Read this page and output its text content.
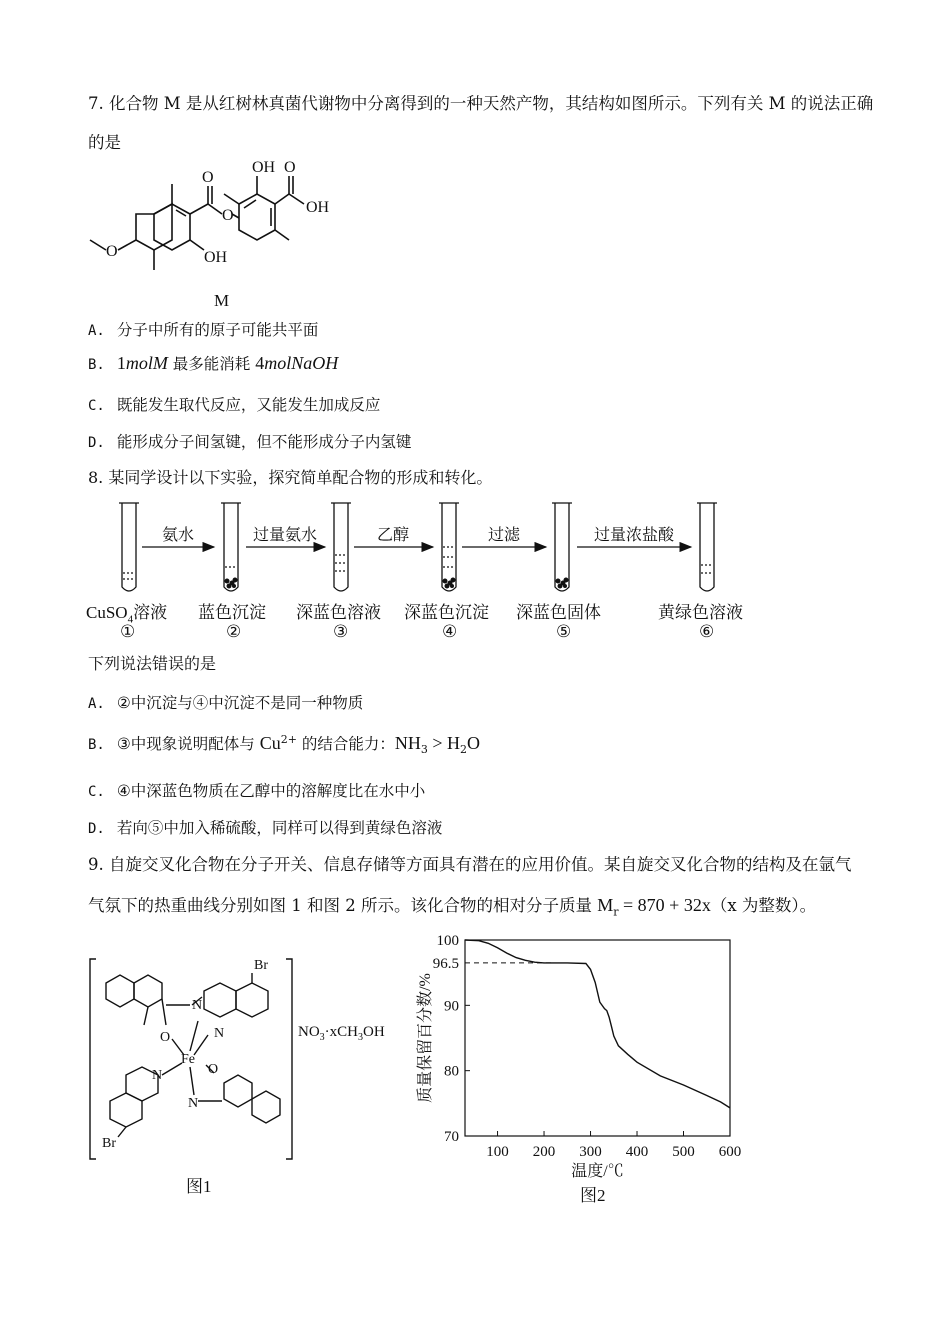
7. 化合物 M 是从红树林真菌代谢物中分离得到的一种天然产物，其结构如图所示。下列有关 M 的说法正确
的是
OH
OH
O
O
O
O	OH
M
A. 分子中所有的原子可能共平面
B. 1molM 最多能消耗 4molNaOH
C. 既能发生取代反应，又能发生加成反应
D. 能形成分子间氢键，但不能形成分子内氢键
8. 某同学设计以下实验，探究简单配合物的形成和转化。
氨水	过量氨水	乙醇	过滤	过量浓盐酸
CuSO$_4$溶液 蓝色沉淀 深蓝色溶液 深蓝色沉淀 深蓝色固体	黄绿色溶液
①	②	③	④	⑤	⑥
下列说法错误的是
A. ②中沉淀与④中沉淀不是同一种物质
B. ③中现象说明配体与 $Cu^{2+}$ 的结合能力：$NH_3 > H_2O$
C. ④中深蓝色物质在乙醇中的溶解度比在水中小
D. 若向⑤中加入稀硫酸，同样可以得到黄绿色溶液
9. 自旋交叉化合物在分子开关、信息存储等方面具有潜在的应用价值。某自旋交叉化合物的结构及在氩气
气氛下的热重曲线分别如图 1 和图 2 所示。该化合物的相对分子质量 $M_r = 870 + 32x(x$ 为整数）。
Br
N
N
O
Fe
O
N
N
Br
$NO_3\cdot xCH_3OH$
图1
100 200 300 400 500 600
70
80
90
100
96.5
质量保留百分数/%
温度/℃
图2
